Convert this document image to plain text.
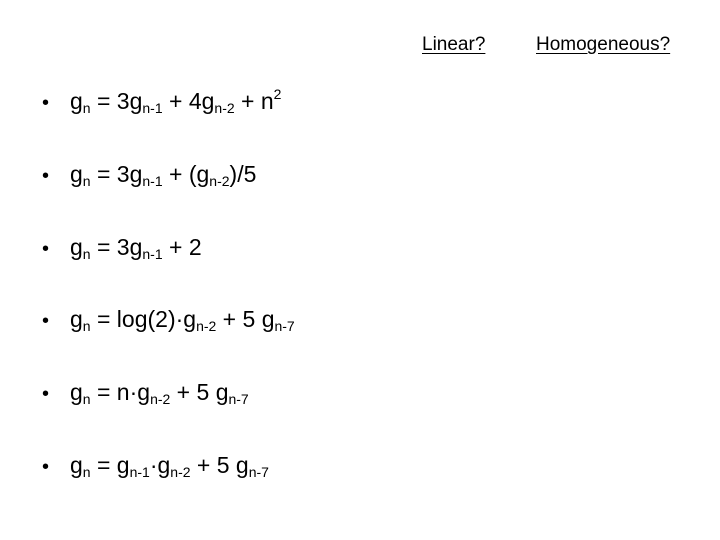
Linear?	Homogeneous?
• $g_n = 3g_{n-1} + 4g_{n-2} + n^2$
• $g_n = 3g_{n-1} + (g_{n-2})/5$
• $g_n = 3g_{n-1} + 2$
• $g_n = \log(2)\cdot g_{n-2} + 5$ $g_{n-7}$
• $g_n = n\cdot g_{n-2} + 5$ $g_{n-7}$
• $g_n = g_{n-1}\cdot g_{n-2} + 5$ $g_{n-7}$
